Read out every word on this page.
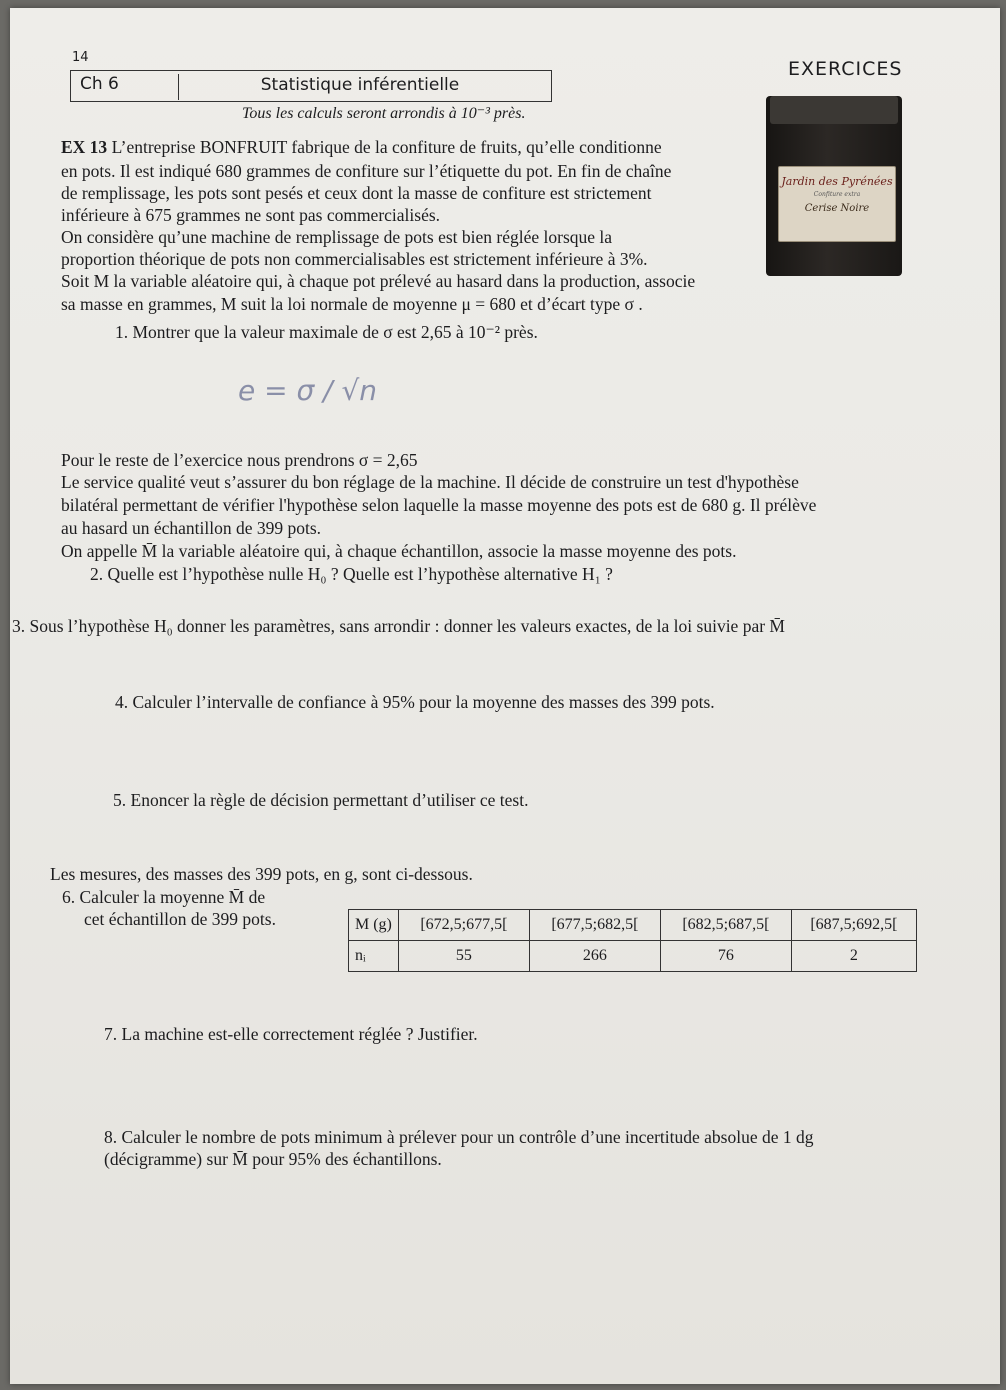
14
Ch 6	Statistique inférentielle
EXERCICES
Tous les calculs seront arrondis à 10⁻³ près.
Jardin des Pyrénées
Confiture extra
Cerise Noire

EX 13 L’entreprise BONFRUIT fabrique de la confiture de fruits, qu’elle conditionne

en pots. Il est indiqué 680 grammes de confiture sur l’étiquette du pot. En fin de chaîne

de remplissage, les pots sont pesés et ceux dont la masse de confiture est strictement

inférieure à 675 grammes ne sont pas commercialisés.

On considère qu’une machine de remplissage de pots est bien réglée lorsque la

proportion théorique de pots non commercialisables est strictement inférieure à 3%.

Soit M la variable aléatoire qui, à chaque pot prélevé au hasard dans la production, associe

sa masse en grammes, M suit la loi normale de moyenne μ = 680 et d’écart type σ .

1. Montrer que la valeur maximale de σ est 2,65 à 10⁻² près.

e = σ / √n

Pour le reste de l’exercice nous prendrons σ = 2,65

Le service qualité veut s’assurer du bon réglage de la machine. Il décide de construire un test d'hypothèse

bilatéral permettant de vérifier l'hypothèse selon laquelle la masse moyenne des pots est de 680 g. Il prélève

au hasard un échantillon de 399 pots.

On appelle M̄ la variable aléatoire qui, à chaque échantillon, associe la masse moyenne des pots.

2. Quelle est l’hypothèse nulle H₀ ? Quelle est l’hypothèse alternative H₁ ?

3. Sous l’hypothèse H₀ donner les paramètres, sans arrondir : donner les valeurs exactes, de la loi suivie par M̄

4. Calculer l’intervalle de confiance à 95% pour la moyenne des masses des 399 pots.

5. Enoncer la règle de décision permettant d’utiliser ce test.

Les mesures, des masses des 399 pots, en g, sont ci-dessous.

6. Calculer la moyenne M̄ de

cet échantillon de 399 pots.	M (g)	[672,5;677,5[	[677,5;682,5[	[682,5;687,5[	[687,5;692,5[
nᵢ	55	266	76	2

7. La machine est-elle correctement réglée ? Justifier.

8. Calculer le nombre de pots minimum à prélever pour un contrôle d’une incertitude absolue de 1 dg

(décigramme) sur M̄ pour 95% des échantillons.
